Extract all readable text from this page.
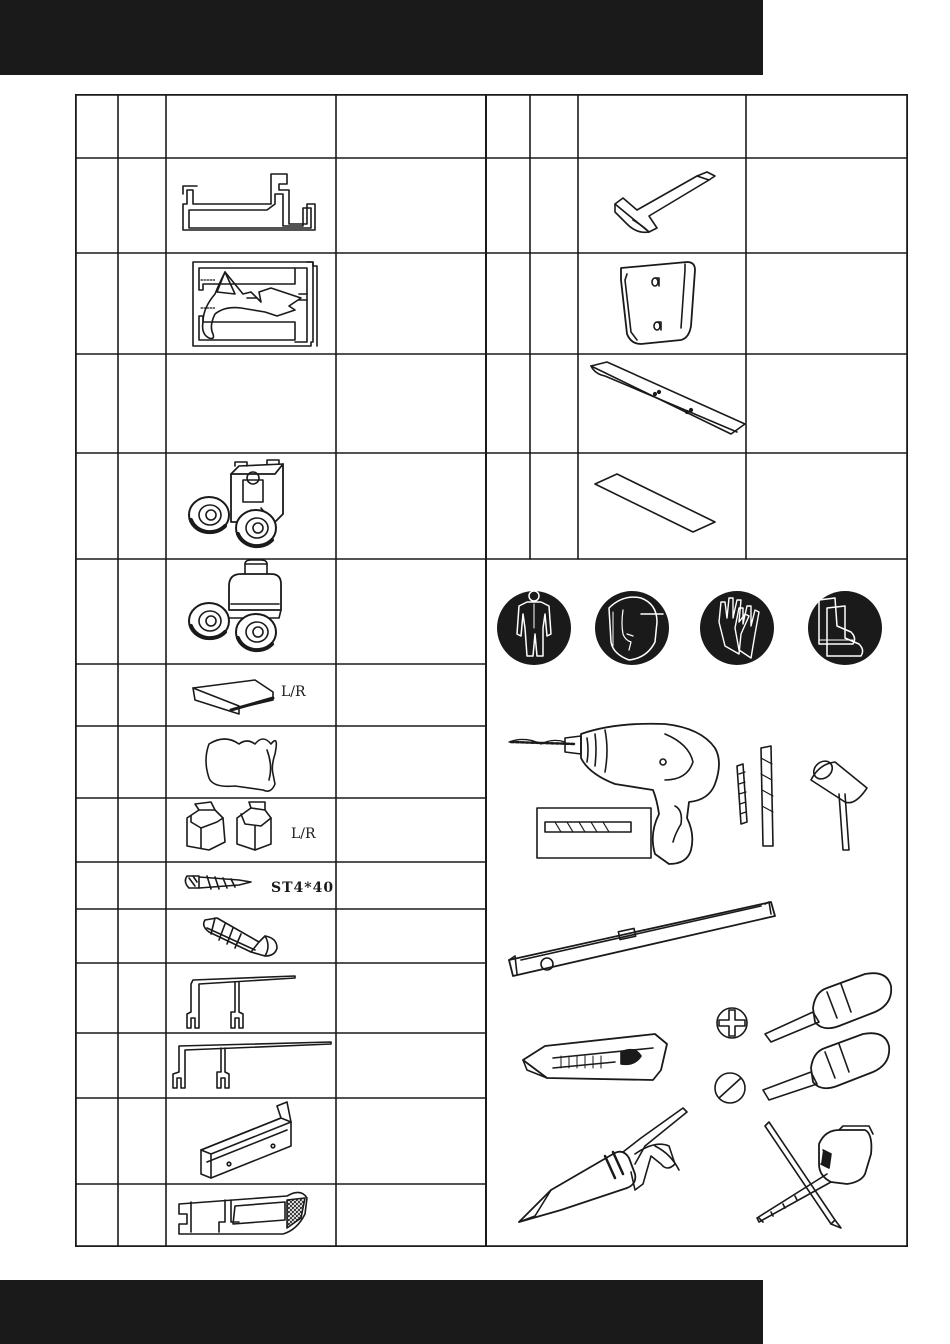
L/R
L/R
ST4*40
